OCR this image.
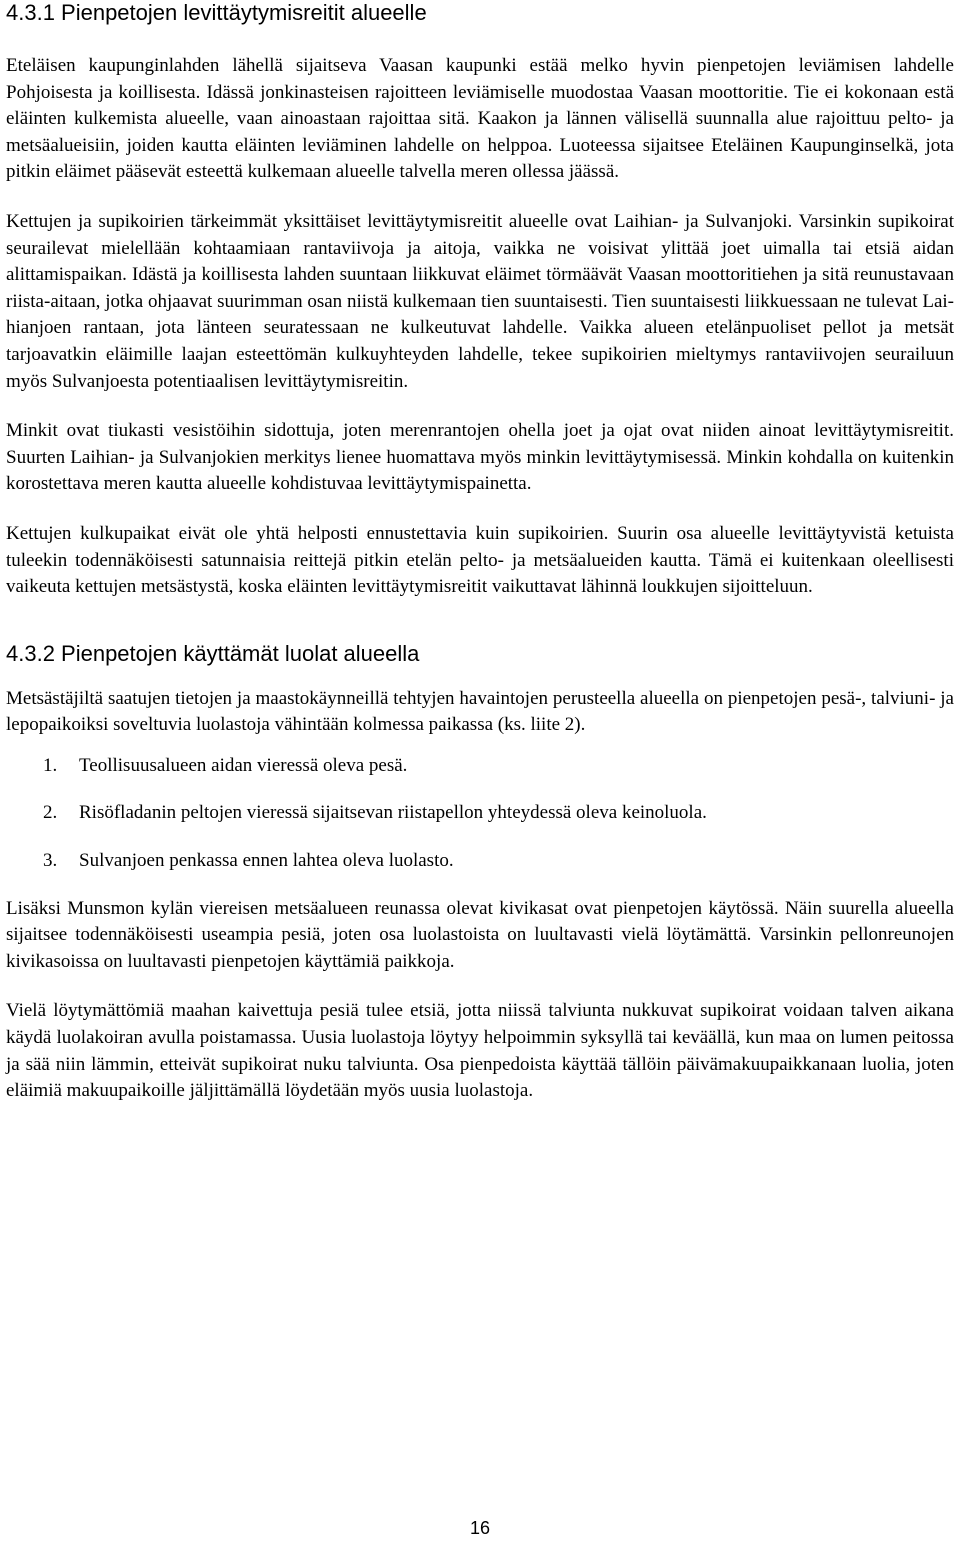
4.3.1 Pienpetojen levittäytymisreitit alueelle

Eteläisen kaupunginlahden lähellä sijaitseva Vaasan kaupunki estää melko hyvin pienpetojen leviämisen lahdelle Pohjoisesta ja koillisesta. Idässä jonkinasteisen rajoitteen leviämiselle muodostaa Vaasan moottoritie. Tie ei kokonaan estä eläinten kulkemista alueelle, vaan ainoastaan rajoittaa sitä. Kaakon ja lännen välisellä suunnalla alue rajoittuu pelto- ja metsäalueisiin, joiden kautta eläinten leviäminen lahdelle on helppoa. Luoteessa sijaitsee Eteläinen Kaupunginselkä, jota pitkin eläimet pääsevät esteettä kulkemaan alueelle talvella meren ollessa jäässä.

Kettujen ja supikoirien tärkeimmät yksittäiset levittäytymisreitit alueelle ovat Laihian- ja Sulvanjoki. Varsinkin supikoirat seurailevat mielellään kohtaamiaan rantaviivoja ja aitoja, vaikka ne voisivat ylittää joet uimalla tai etsiä aidan alittamispaikan. Idästä ja koillisesta lahden suuntaan liikkuvat eläimet törmäävät Vaasan moottoritiehen ja sitä reunustavaan riista-aitaan, jotka ohjaavat suurimman osan niistä kulkemaan tien suuntaisesti. Tien suuntaisesti liikkuessaan ne tulevat Laihianjoen rantaan, jota länteen seuratessaan ne kulkeutuvat lahdelle. Vaikka alueen etelänpuoliset pellot ja metsät tarjoavatkin eläimille laajan esteettömän kulkuyhteyden lahdelle, tekee supikoirien mieltymys rantaviivojen seurailuun myös Sulvanjoesta potentiaalisen levittäytymisreitin.

Minkit ovat tiukasti vesistöihin sidottuja, joten merenrantojen ohella joet ja ojat ovat niiden ainoat levittäytymisreitit. Suurten Laihian- ja Sulvanjokien merkitys lienee huomattava myös minkin levittäytymisessä. Minkin kohdalla on kuitenkin korostettava meren kautta alueelle kohdistuvaa levittäytymispainetta.

Kettujen kulkupaikat eivät ole yhtä helposti ennustettavia kuin supikoirien. Suurin osa alueelle levittäytyvistä ketuista tuleekin todennäköisesti satunnaisia reittejä pitkin etelän pelto- ja metsäalueiden kautta. Tämä ei kuitenkaan oleellisesti vaikeuta kettujen metsästystä, koska eläinten levittäytymisreitit vaikuttavat lähinnä loukkujen sijoitteluun.

4.3.2 Pienpetojen käyttämät luolat alueella

Metsästäjiltä saatujen tietojen ja maastokäynneillä tehtyjen havaintojen perusteella alueella on pienpetojen pesä-, talviuni- ja lepopaikoiksi soveltuvia luolastoja vähintään kolmessa paikassa (ks. liite 2).

1.	Teollisuusalueen aidan vieressä oleva pesä.
2.	Risöfladanin peltojen vieressä sijaitsevan riistapellon yhteydessä oleva keinoluola.
3.	Sulvanjoen penkassa ennen lahtea oleva luolasto.

Lisäksi Munsmon kylän viereisen metsäalueen reunassa olevat kivikasat ovat pienpetojen käytössä. Näin suurella alueella sijaitsee todennäköisesti useampia pesiä, joten osa luolastoista on luultavasti vielä löytämättä. Varsinkin pellonreunojen kivikasoissa on luultavasti pienpetojen käyttämiä paikkoja.

Vielä löytymättömiä maahan kaivettuja pesiä tulee etsiä, jotta niissä talviunta nukkuvat supikoirat voidaan talven aikana käydä luolakoiran avulla poistamassa. Uusia luolastoja löytyy helpoimmin syksyllä tai keväällä, kun maa on lumen peitossa ja sää niin lämmin, etteivät supikoirat nuku talviunta. Osa pienpedoista käyttää tällöin päivämakuupaikkanaan luolia, joten eläimiä makuupaikoille jäljittämällä löydetään myös uusia luolastoja.

16
